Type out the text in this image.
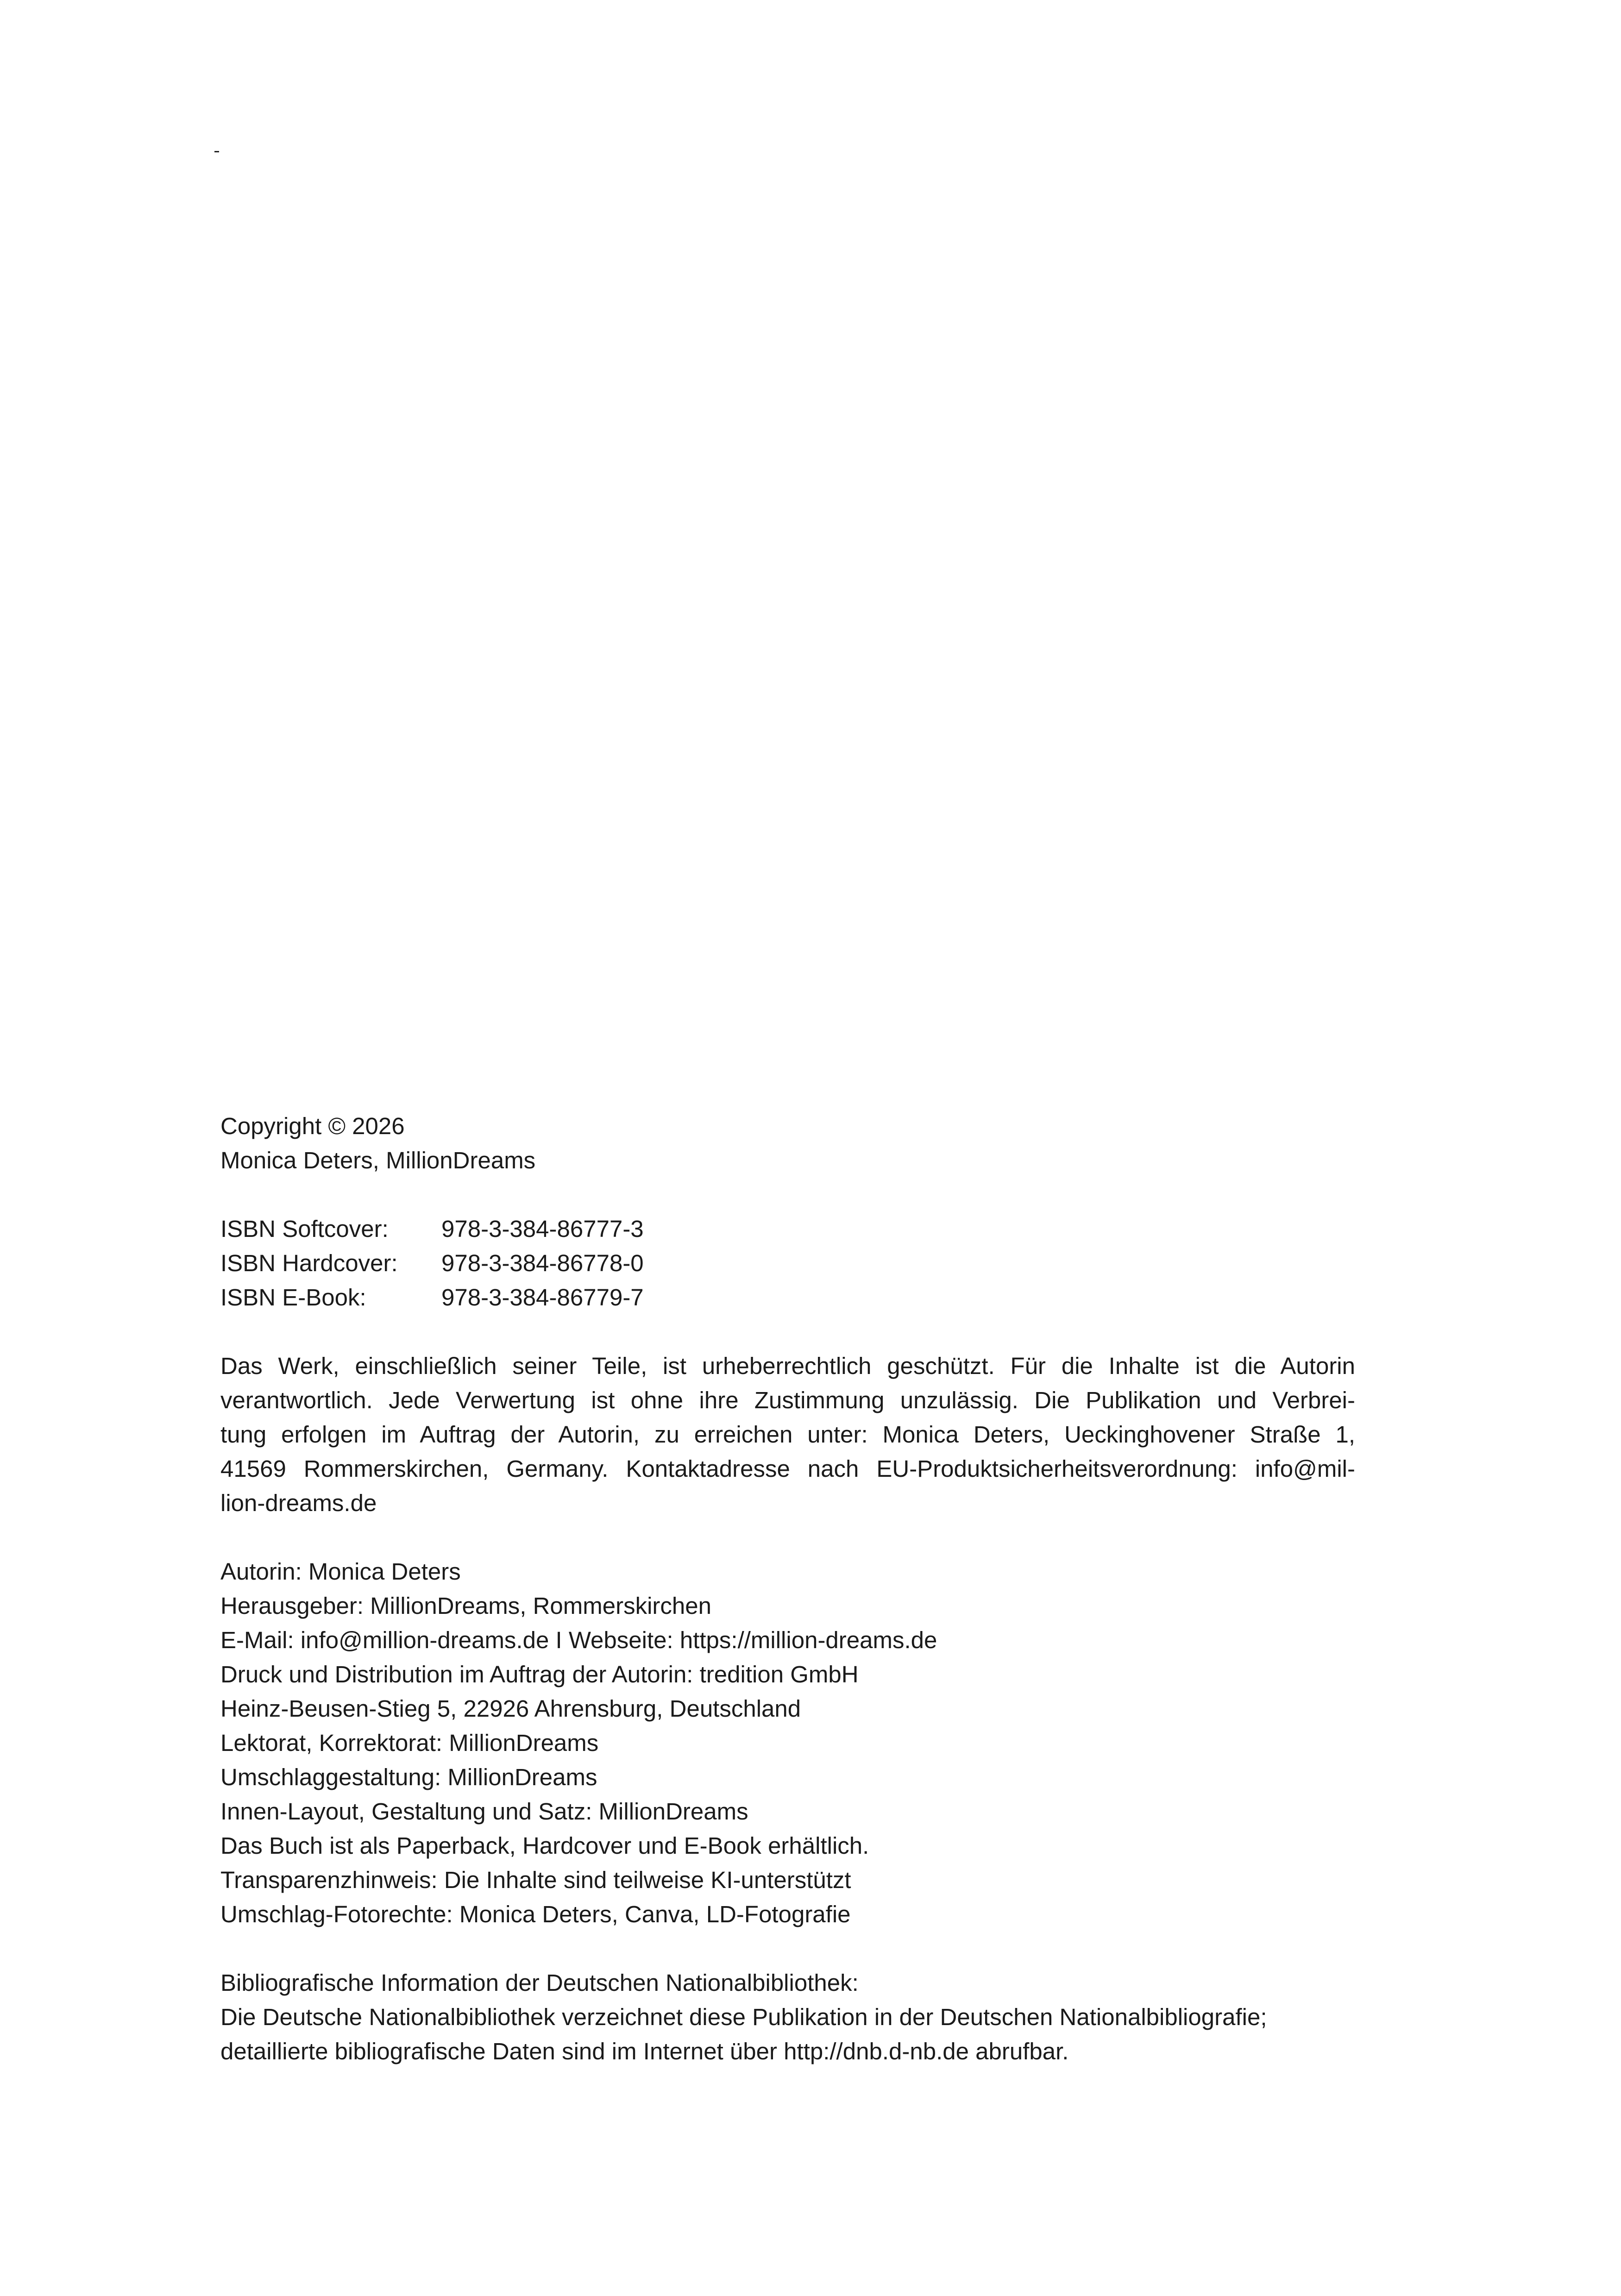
Copyright © 2026

Monica Deters, MillionDreams

ISBN Softcover:	978-3-384-86777-3
ISBN Hardcover:	978-3-384-86778-0
ISBN E-Book:	978-3-384-86779-7
Das Werk, einschließlich seiner Teile, ist urheberrechtlich geschützt. Für die Inhalte ist die Autorin
verantwortlich. Jede Verwertung ist ohne ihre Zustimmung unzulässig. Die Publikation und Verbrei-
tung erfolgen im Auftrag der Autorin, zu erreichen unter: Monica Deters, Ueckinghovener Straße 1,
41569 Rommerskirchen, Germany. Kontaktadresse nach EU-Produktsicherheitsverordnung: info@mil-
lion-dreams.de

Autorin: Monica Deters

Herausgeber: MillionDreams, Rommerskirchen

E-Mail: info@million-dreams.de I Webseite: https://million-dreams.de

Druck und Distribution im Auftrag der Autorin: tredition GmbH

Heinz-Beusen-Stieg 5, 22926 Ahrensburg, Deutschland

Lektorat, Korrektorat: MillionDreams

Umschlaggestaltung: MillionDreams

Innen-Layout, Gestaltung und Satz: MillionDreams

Das Buch ist als Paperback, Hardcover und E-Book erhältlich.

Transparenzhinweis: Die Inhalte sind teilweise KI-unterstützt

Umschlag-Fotorechte: Monica Deters, Canva, LD-Fotografie

Bibliografische Information der Deutschen Nationalbibliothek:
Die Deutsche Nationalbibliothek verzeichnet diese Publikation in der Deutschen Nationalbibliografie;
detaillierte bibliografische Daten sind im Internet über http://dnb.d-nb.de abrufbar.
